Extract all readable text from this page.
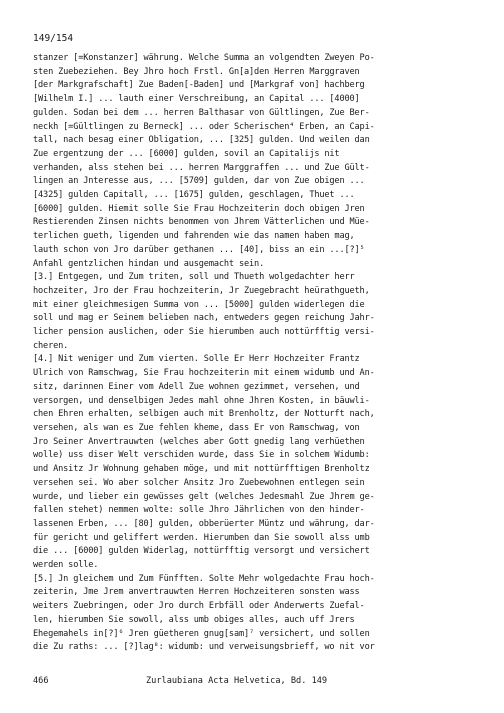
149/154
stanzer [=Konstanzer] währung. Welche Summa an volgendten Zweyen Po-
sten Zuebeziehen. Bey Jhro hoch Frstl. Gn[a]den Herren Marggraven
[der Markgrafschaft] Zue Baden[-Baden] und [Markgraf von] hachberg
[Wilhelm I.] ... lauth einer Verschreibung, an Capital ... [4000]
gulden. Sodan bei dem ... herren Balthasar von Gültlingen, Zue Ber-
neckh [=Gültlingen zu Berneck] ... oder Scherischen⁴ Erben, an Capi-
tall, nach besag einer Obligation, ... [325] gulden. Und weilen dan
Zue ergentzung der ... [6000] gulden, sovil an Capitalijs nit
verhanden, alss stehen bei ... herren Marggraffen ... und Zue Gült-
lingen an Jnteresse aus, ... [5709] gulden, dar von Zue obigen ...
[4325] gulden Capitall, ... [1675] gulden, geschlagen, Thuet ...
[6000] gulden. Hiemit solle Sie Frau Hochzeiterin doch obigen Jren
Restierenden Zinsen nichts benommen von Jhrem Vätterlichen und Müe-
terlichen gueth, ligenden und fahrenden wie das namen haben mag,
lauth schon von Jro darüber gethanen ... [40], biss an ein ...[?]⁵
Anfahl gentzlichen hindan und ausgemacht sein.
[3.] Entgegen, und Zum triten, soll und Thueth wolgedachter herr
hochzeiter, Jro der Frau hochzeiterin, Jr Zuegebracht heürathgueth,
mit einer gleichmesigen Summa von ... [5000] gulden widerlegen die
soll und mag er Seinem belieben nach, entweders gegen reichung Jahr-
licher pension auslichen, oder Sie hierumben auch nottürfftig versi-
cheren.
[4.] Nit weniger und Zum vierten. Solle Er Herr Hochzeiter Frantz
Ulrich von Ramschwag, Sie Frau hochzeiterin mit einem widumb und An-
sitz, darinnen Einer vom Adell Zue wohnen gezimmet, versehen, und
versorgen, und denselbigen Jedes mahl ohne Jhren Kosten, in bäuwli-
chen Ehren erhalten, selbigen auch mit Brenholtz, der Notturft nach,
versehen, als wan es Zue fehlen kheme, dass Er von Ramschwag, von
Jro Seiner Anvertrauwten (welches aber Gott gnedig lang verhüethen
wolle) uss diser Welt verschiden wurde, dass Sie in solchem Widumb:
und Ansitz Jr Wohnung gehaben möge, und mit nottürfftigen Brenholtz
versehen sei. Wo aber solcher Ansitz Jro Zuebewohnen entlegen sein
wurde, und lieber ein gewüsses gelt (welches Jedesmahl Zue Jhrem ge-
fallen stehet) nemmen wolte: solle Jhro Jährlichen von den hinder-
lassenen Erben, ... [80] gulden, obberüerter Müntz und währung, dar-
für gericht und geliffert werden. Hierumben dan Sie sowoll alss umb
die ... [6000] gulden Widerlag, nottürfftig versorgt und versichert
werden solle.
[5.] Jn gleichem und Zum Fünfften. Solte Mehr wolgedachte Frau hoch-
zeiterin, Jme Jrem anvertrauwten Herren Hochzeiteren sonsten wass
weiters Zuebringen, oder Jro durch Erbfäll oder Anderwerts Zuefal-
len, hierumben Sie sowoll, alss umb obiges alles, auch uff Jrers
Ehegemahels in[?]⁶ Jren güetheren gnug[sam]⁷ versichert, und sollen
die Zu raths: ... [?]lag⁸: widumb: und verweisungsbrieff, wo nit vor
466	Zurlaubiana Acta Helvetica, Bd. 149
